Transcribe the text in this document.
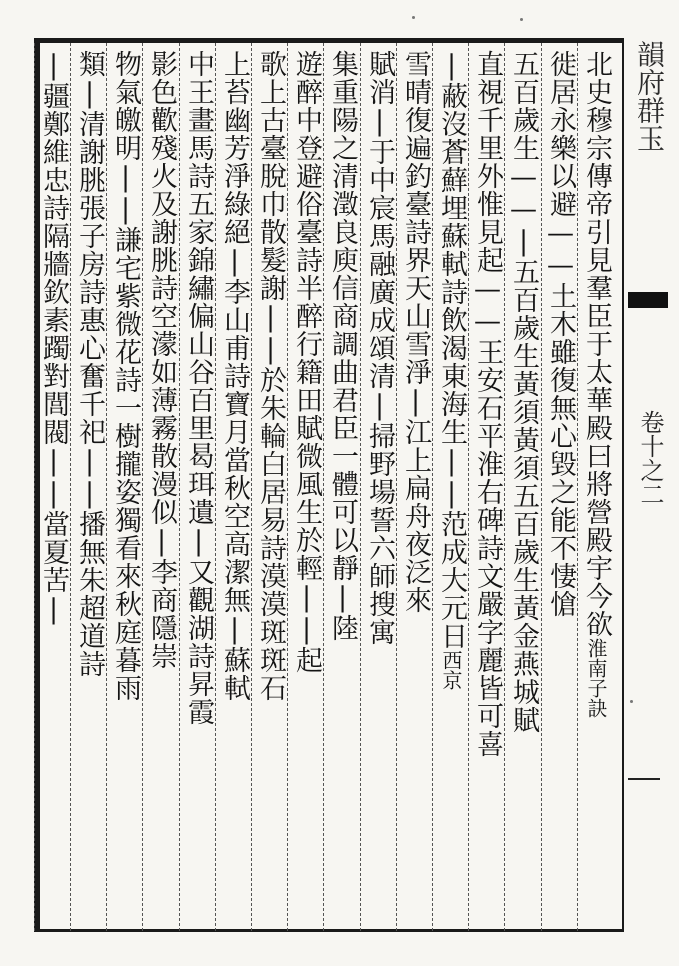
韻府群玉
卷十之二
北史穆宗傳帝引見羣臣于太華殿曰將營殿宇今欲淮南子訣
徙居永樂以避——土木雖復無心毀之能不悽愴
五百歲生——|五百歲生黃須黃須五百歲生黃金燕城賦
直視千里外惟見起——王安石平淮右碑詩文嚴字麗皆可喜
|蔽沒蒼蘚埋蘇軾詩飲渴東海生||范成大元日西京
雪晴復遍釣臺詩界天山雪淨|江上扁舟夜泛來
賦消|于中宸馬融廣成頌清|掃野場誓六師搜寓
集重陽之清澂良庾信商調曲君臣一體可以靜|陸
遊醉中登避俗臺詩半醉行籍田賦微風生於輕||起
歌上古臺脫巾散髮謝||於朱輪白居易詩漠漠斑斑石
上苔幽芳淨綠絕|李山甫詩寶月當秋空高潔無|蘇軾
中王畫馬詩五家錦繡偏山谷百里曷珥遺|又觀湖詩昇霞
影色歡殘火及謝朓詩空濛如薄霧散漫似|李商隱崇
物氣皦明||謙宅紫微花詩一樹攏姿獨看來秋庭暮雨
類|清謝朓張子房詩惠心奮千祀||播無朱超道詩
|疆鄭維忠詩隔牆欽素躅對閭閥||當夏苦|
